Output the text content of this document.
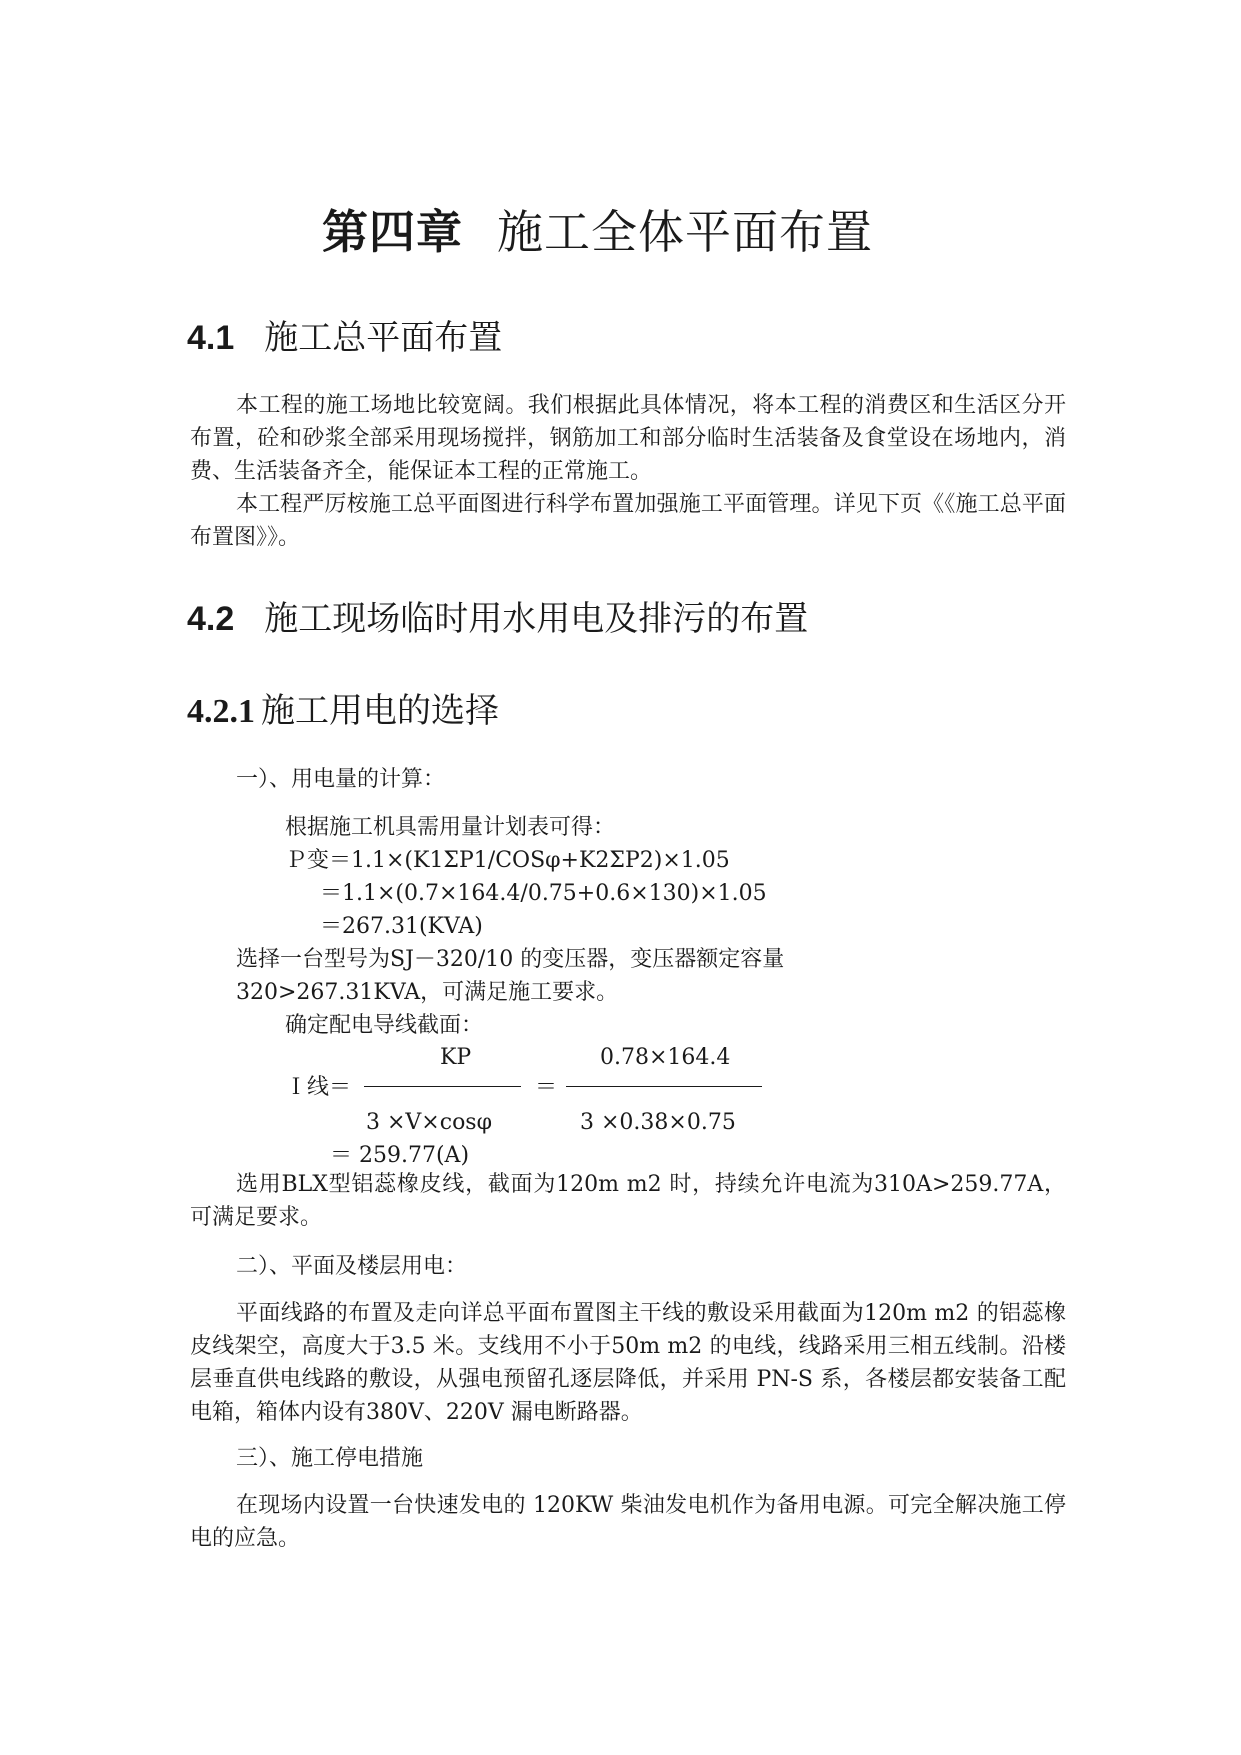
第四章 施工全体平面布置
4.1 施工总平面布置
本工程的施工场地比较宽阔。我们根据此具体情况，将本工程的消费区和生活区分开布置，砼和砂浆全部采用现场搅拌，钢筋加工和部分临时生活装备及食堂设在场地内，消费、生活装备齐全，能保证本工程的正常施工。
本工程严厉桉施工总平面图进行科学布置加强施工平面管理。详见下页《《施工总平面布置图》》。
4.2 施工现场临时用水用电及排污的布置
4.2.1 施工用电的选择
一）、用电量的计算：
根据施工机具需用量计划表可得：
Ｐ变＝1.1×(K1ΣP1/COSφ+K2ΣP2)×1.05
＝1.1×(0.7×164.4/0.75+0.6×130)×1.05
＝267.31(KVA)
选择一台型号为SJ－320/10 的变压器，变压器额定容量
320>267.31KVA，可满足施工要求。
确定配电导线截面：
KP	0.78×164.4
Ｉ线＝	＝
3 ×V×cosφ	3 ×0.38×0.75
＝ 259.77(A)
选用BLX型铝蕊橡皮线，截面为120m m2 时，持续允许电流为310A>259.77A，可满足要求。
二）、平面及楼层用电：
平面线路的布置及走向详总平面布置图主干线的敷设采用截面为120m m2 的铝蕊橡皮线架空，高度大于3.5 米。支线用不小于50m m2 的电线，线路采用三相五线制。沿楼层垂直供电线路的敷设，从强电预留孔逐层降低，并采用 PN-S 系，各楼层都安装备工配电箱，箱体内设有380V、220V 漏电断路器。
三）、施工停电措施
在现场内设置一台快速发电的 120KW 柴油发电机作为备用电源。可完全解决施工停电的应急。
